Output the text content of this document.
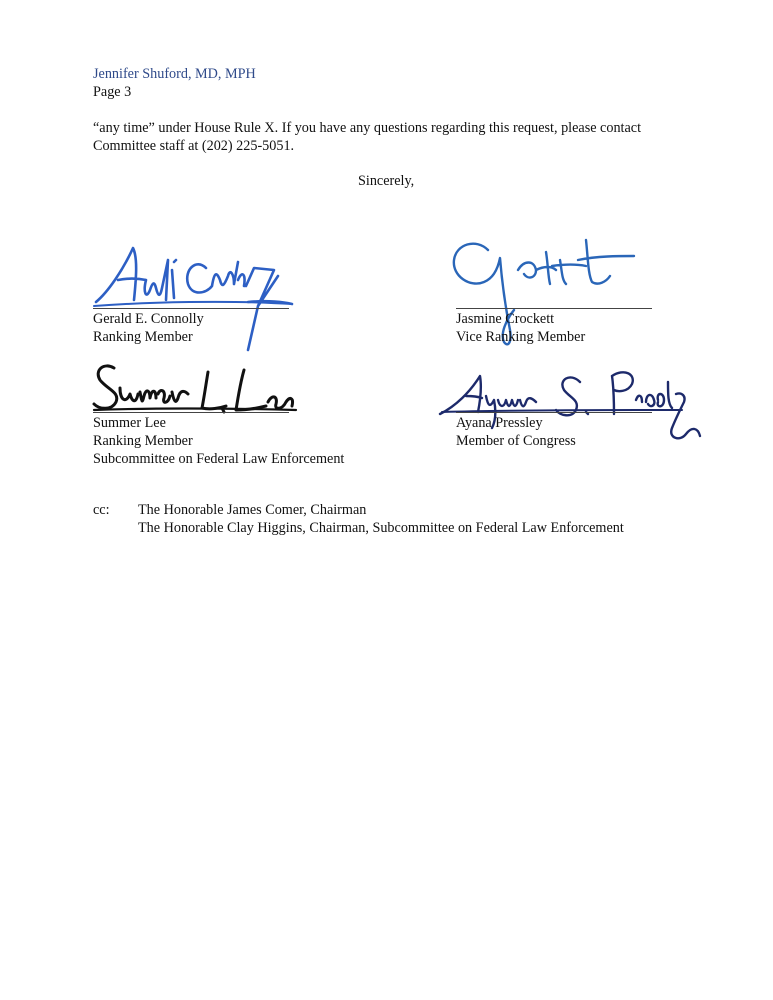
Jennifer Shuford, MD, MPH
Page 3
“any time” under House Rule X. If you have any questions regarding this request, please contact
Committee staff at (202) 225-5051.
Sincerely,
Gerald E. Connolly
Ranking Member
Jasmine Crockett
Vice Ranking Member
Summer Lee
Ranking Member
Subcommittee on Federal Law Enforcement
Ayana Pressley
Member of Congress
cc: The Honorable James Comer, Chairman
The Honorable Clay Higgins, Chairman, Subcommittee on Federal Law Enforcement
